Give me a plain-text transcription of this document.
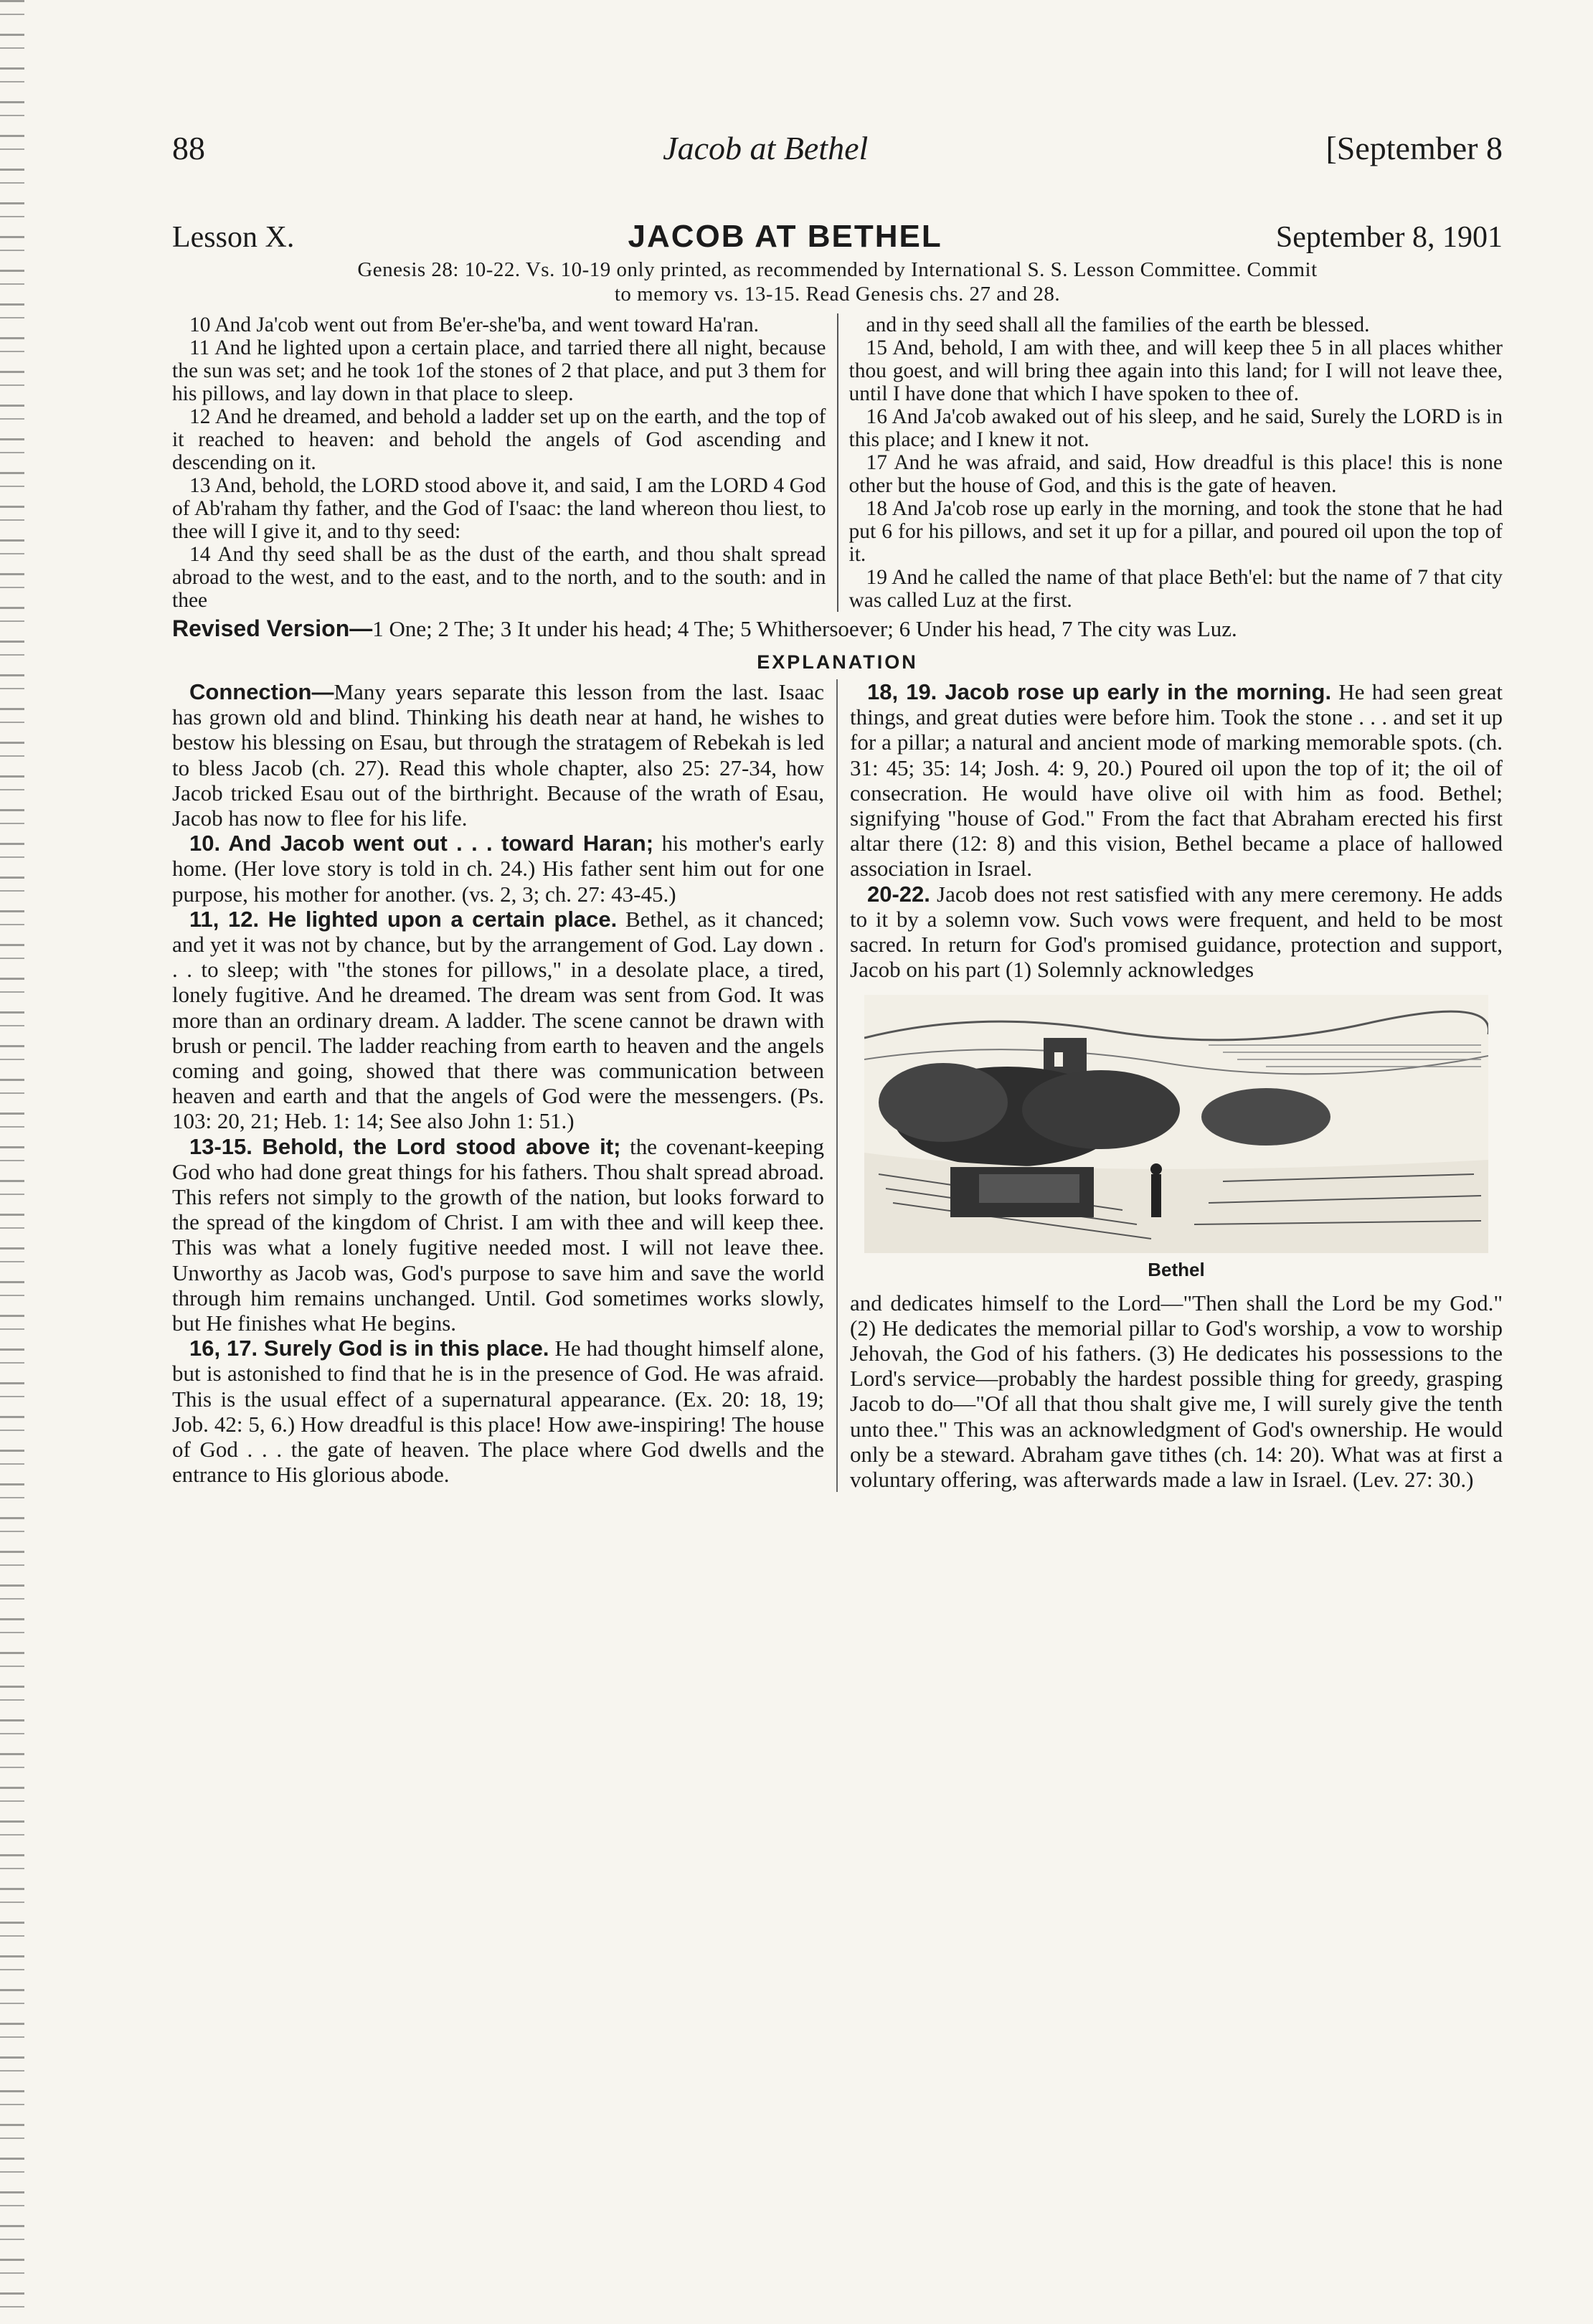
88	Jacob at Bethel	[September 8
Lesson X.	JACOB AT BETHEL	September 8, 1901
Genesis 28: 10-22. Vs. 10-19 only printed, as recommended by International S. S. Lesson Committee. Commit
to memory vs. 13-15. Read Genesis chs. 27 and 28.

10 And Ja'cob went out from Be'er-she'ba, and went toward Ha'ran.

11 And he lighted upon a certain place, and tarried there all night, because the sun was set; and he took 1of the stones of 2 that place, and put 3 them for his pillows, and lay down in that place to sleep.

12 And he dreamed, and behold a ladder set up on the earth, and the top of it reached to heaven: and behold the angels of God ascending and descending on it.

13 And, behold, the LORD stood above it, and said, I am the LORD 4 God of Ab'raham thy father, and the God of I'saac: the land whereon thou liest, to thee will I give it, and to thy seed:

14 And thy seed shall be as the dust of the earth, and thou shalt spread abroad to the west, and to the east, and to the north, and to the south: and in thee

and in thy seed shall all the families of the earth be blessed.

15 And, behold, I am with thee, and will keep thee 5 in all places whither thou goest, and will bring thee again into this land; for I will not leave thee, until I have done that which I have spoken to thee of.

16 And Ja'cob awaked out of his sleep, and he said, Surely the LORD is in this place; and I knew it not.

17 And he was afraid, and said, How dreadful is this place! this is none other but the house of God, and this is the gate of heaven.

18 And Ja'cob rose up early in the morning, and took the stone that he had put 6 for his pillows, and set it up for a pillar, and poured oil upon the top of it.

19 And he called the name of that place Beth'el: but the name of 7 that city was called Luz at the first.

Revised Version—1 One; 2 The; 3 It under his head; 4 The; 5 Whithersoever; 6 Under his head, 7 The city was Luz.
EXPLANATION

Connection—Many years separate this lesson from the last. Isaac has grown old and blind. Thinking his death near at hand, he wishes to bestow his blessing on Esau, but through the stratagem of Rebekah is led to bless Jacob (ch. 27). Read this whole chapter, also 25: 27-34, how Jacob tricked Esau out of the birthright. Because of the wrath of Esau, Jacob has now to flee for his life.

10. And Jacob went out . . . toward Haran; his mother's early home. (Her love story is told in ch. 24.) His father sent him out for one purpose, his mother for another. (vs. 2, 3; ch. 27: 43-45.)

11, 12. He lighted upon a certain place. Bethel, as it chanced; and yet it was not by chance, but by the arrangement of God. Lay down . . . to sleep; with "the stones for pillows," in a desolate place, a tired, lonely fugitive. And he dreamed. The dream was sent from God. It was more than an ordinary dream. A ladder. The scene cannot be drawn with brush or pencil. The ladder reaching from earth to heaven and the angels coming and going, showed that there was communication between heaven and earth and that the angels of God were the messengers. (Ps. 103: 20, 21; Heb. 1: 14; See also John 1: 51.)

13-15. Behold, the Lord stood above it; the covenant-keeping God who had done great things for his fathers. Thou shalt spread abroad. This refers not simply to the growth of the nation, but looks forward to the spread of the kingdom of Christ. I am with thee and will keep thee. This was what a lonely fugitive needed most. I will not leave thee. Unworthy as Jacob was, God's purpose to save him and save the world through him remains unchanged. Until. God sometimes works slowly, but He finishes what He begins.

16, 17. Surely God is in this place. He had thought himself alone, but is astonished to find that he is in the presence of God. He was afraid. This is the usual effect of a supernatural appearance. (Ex. 20: 18, 19; Job. 42: 5, 6.) How dreadful is this place! How awe-inspiring! The house of God . . . the gate of heaven. The place where God dwells and the entrance to His glorious abode.

18, 19. Jacob rose up early in the morning. He had seen great things, and great duties were before him. Took the stone . . . and set it up for a pillar; a natural and ancient mode of marking memorable spots. (ch. 31: 45; 35: 14; Josh. 4: 9, 20.) Poured oil upon the top of it; the oil of consecration. He would have olive oil with him as food. Bethel; signifying "house of God." From the fact that Abraham erected his first altar there (12: 8) and this vision, Bethel became a place of hallowed association in Israel.

20-22. Jacob does not rest satisfied with any mere ceremony. He adds to it by a solemn vow. Such vows were frequent, and held to be most sacred. In return for God's promised guidance, protection and support, Jacob on his part (1) Solemnly acknowledges

Bethel

and dedicates himself to the Lord—"Then shall the Lord be my God." (2) He dedicates the memorial pillar to God's worship, a vow to worship Jehovah, the God of his fathers. (3) He dedicates his possessions to the Lord's service—probably the hardest possible thing for greedy, grasping Jacob to do—"Of all that thou shalt give me, I will surely give the tenth unto thee." This was an acknowledgment of God's ownership. He would only be a steward. Abraham gave tithes (ch. 14: 20). What was at first a voluntary offering, was afterwards made a law in Israel. (Lev. 27: 30.)
